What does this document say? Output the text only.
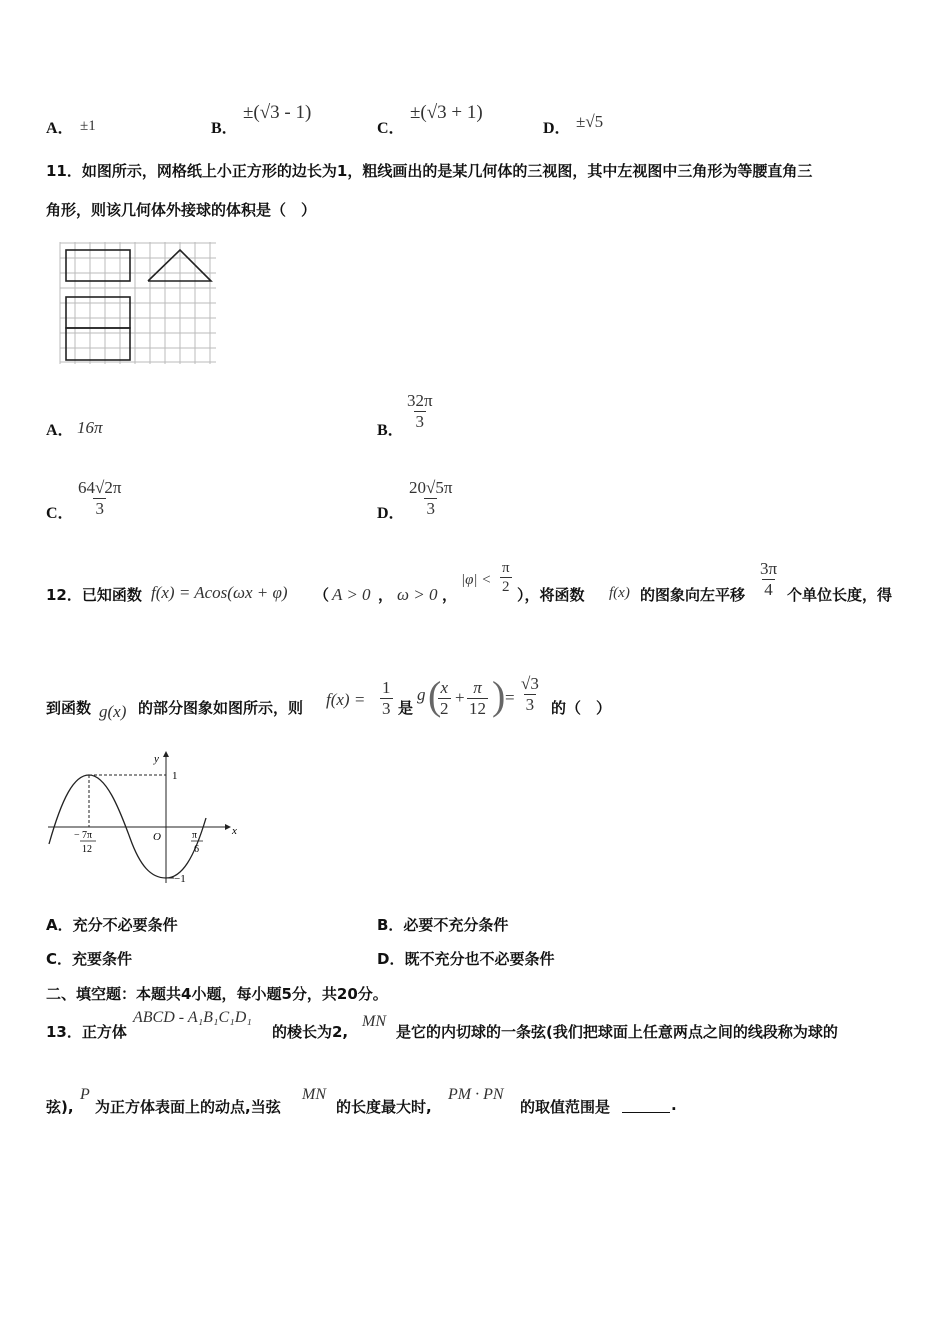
A． ±1	B．
±(√3 - 1)
C．
±(√3 + 1)
D． ±√5
11．如图所示，网格纸上小正方形的边长为1，粗线画出的是某几何体的三视图，其中左视图中三角形为等腰直角三
角形，则该几何体外接球的体积是（　）
A． 16π	B． $\frac{32\pi}{3}$
C． $\frac{64√2\pi}{3}$	D． $\frac{20√5\pi}{3}$
12．已知函数 f(x) = Acos(ωx + φ) （ A > 0 ， ω > 0 ，
$|\varphi| < \frac{\pi}{2}$ ），将函数 f(x) 的图象向左平移 $\frac{3\pi}{4}$ 个单位长度，得
到函数 g(x) 的部分图象如图所示，则 $f(x) = \frac{1}{3}$ 是
g (
$\frac{x}{2} + \frac{\pi}{12}$ ) = $\frac{√3}{3}$ 的（　）
y
x
O
1
−1
− 7π
12
π
6
A．充分不必要条件	B．必要不充分条件
C．充要条件	D．既不充分也不必要条件
二、填空题：本题共4小题，每小题5分，共20分。
13．正方体
ABCD - A₁B₁C₁D₁
的棱长为2,
MN
是它的内切球的一条弦(我们把球面上任意两点之间的线段称为球的
弦),
P
为正方体表面上的动点,当弦
MN
的长度最大时,
PM · PN
的取值范围是	.
